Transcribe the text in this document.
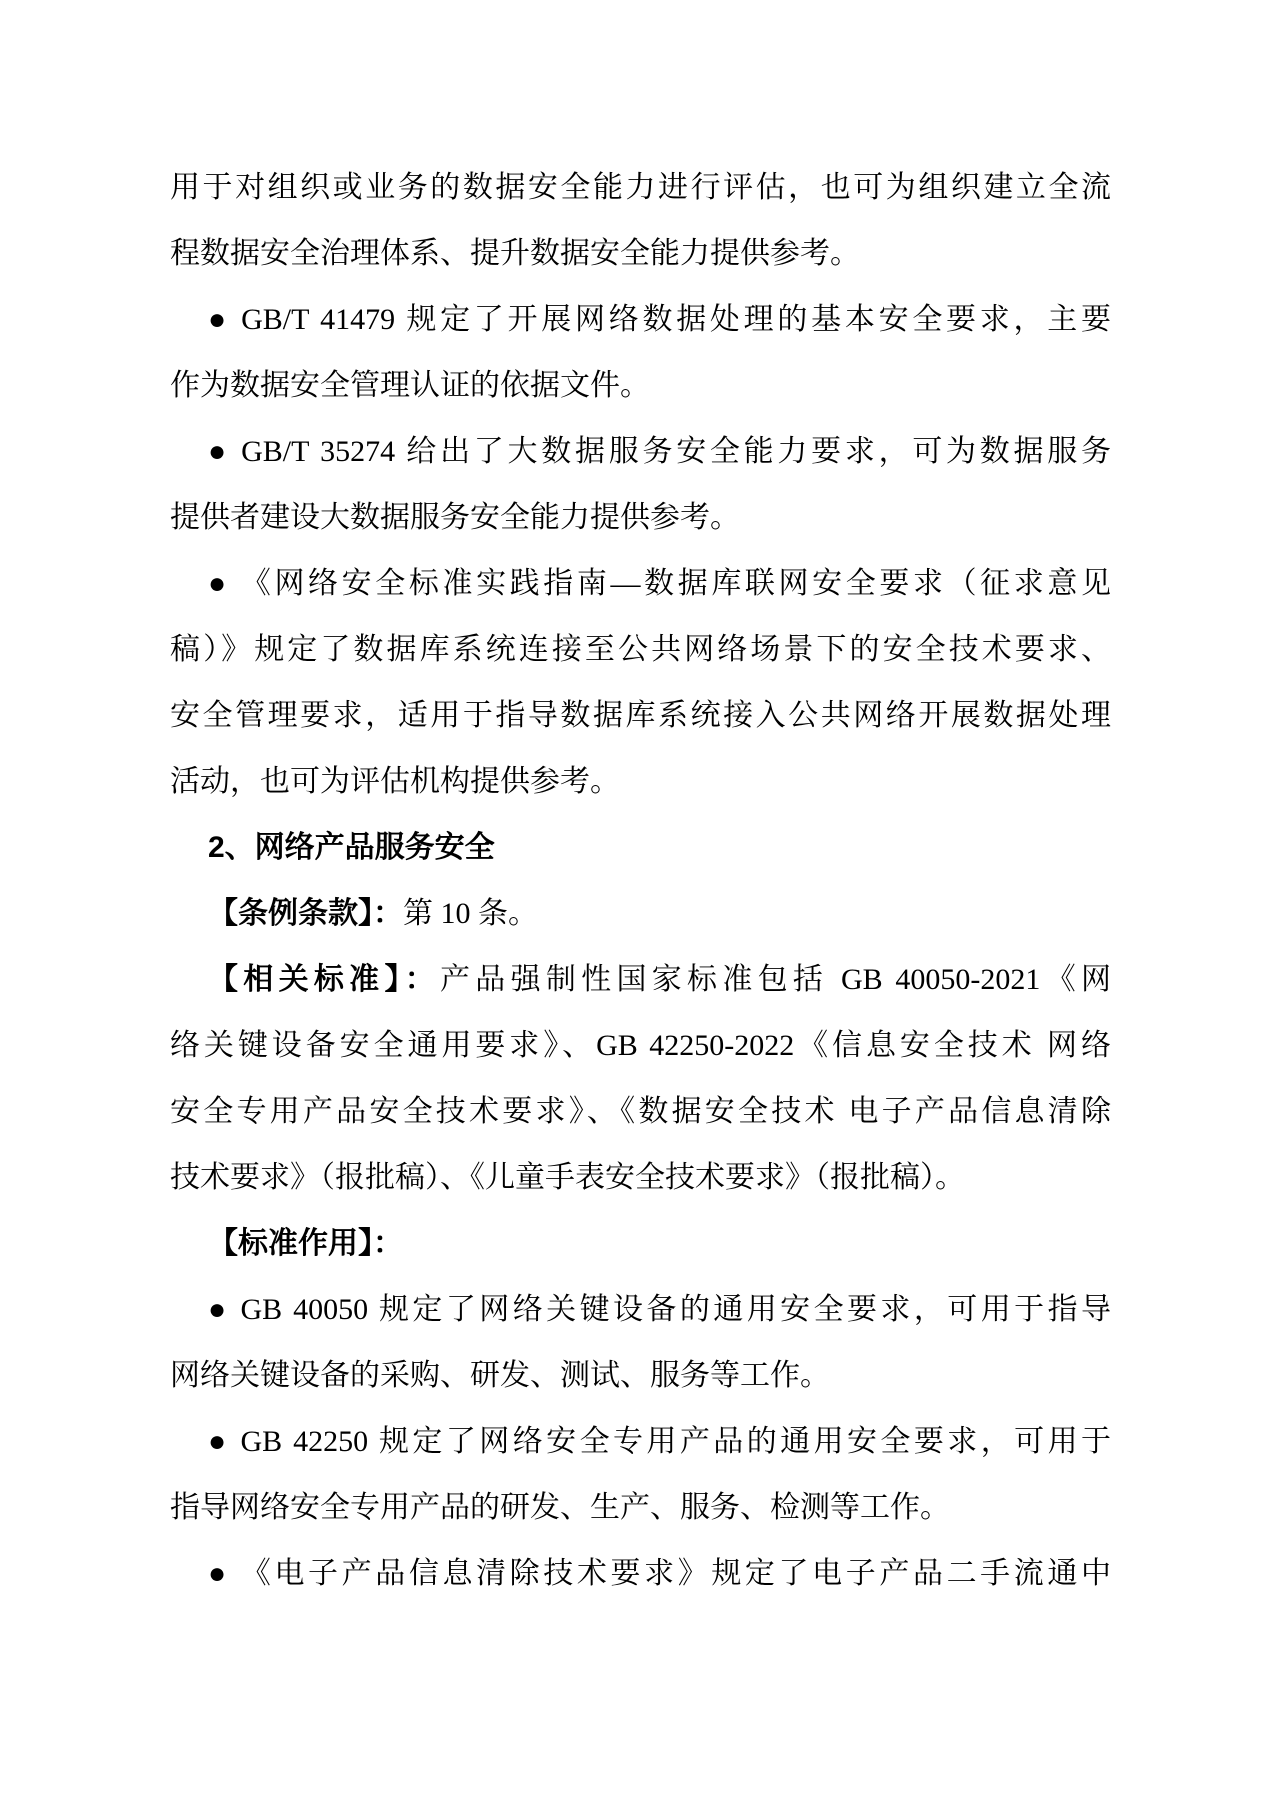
用于对组织或业务的数据安全能力进行评估，也可为组织建立全流

程数据安全治理体系、提升数据安全能力提供参考。

● GB/T 41479 规定了开展网络数据处理的基本安全要求，主要

作为数据安全管理认证的依据文件。

● GB/T 35274 给出了大数据服务安全能力要求，可为数据服务

提供者建设大数据服务安全能力提供参考。

● 《网络安全标准实践指南—数据库联网安全要求（征求意见

稿）》规定了数据库系统连接至公共网络场景下的安全技术要求、

安全管理要求，适用于指导数据库系统接入公共网络开展数据处理

活动，也可为评估机构提供参考。

2、网络产品服务安全

【条例条款】：第 10 条。

【相关标准】：产品强制性国家标准包括 GB 40050-2021《网

络关键设备安全通用要求》、GB 42250-2022《信息安全技术 网络

安全专用产品安全技术要求》、《数据安全技术 电子产品信息清除

技术要求》（报批稿）、《儿童手表安全技术要求》（报批稿）。

【标准作用】：

● GB 40050 规定了网络关键设备的通用安全要求，可用于指导

网络关键设备的采购、研发、测试、服务等工作。

● GB 42250 规定了网络安全专用产品的通用安全要求，可用于

指导网络安全专用产品的研发、生产、服务、检测等工作。

● 《电子产品信息清除技术要求》规定了电子产品二手流通中
